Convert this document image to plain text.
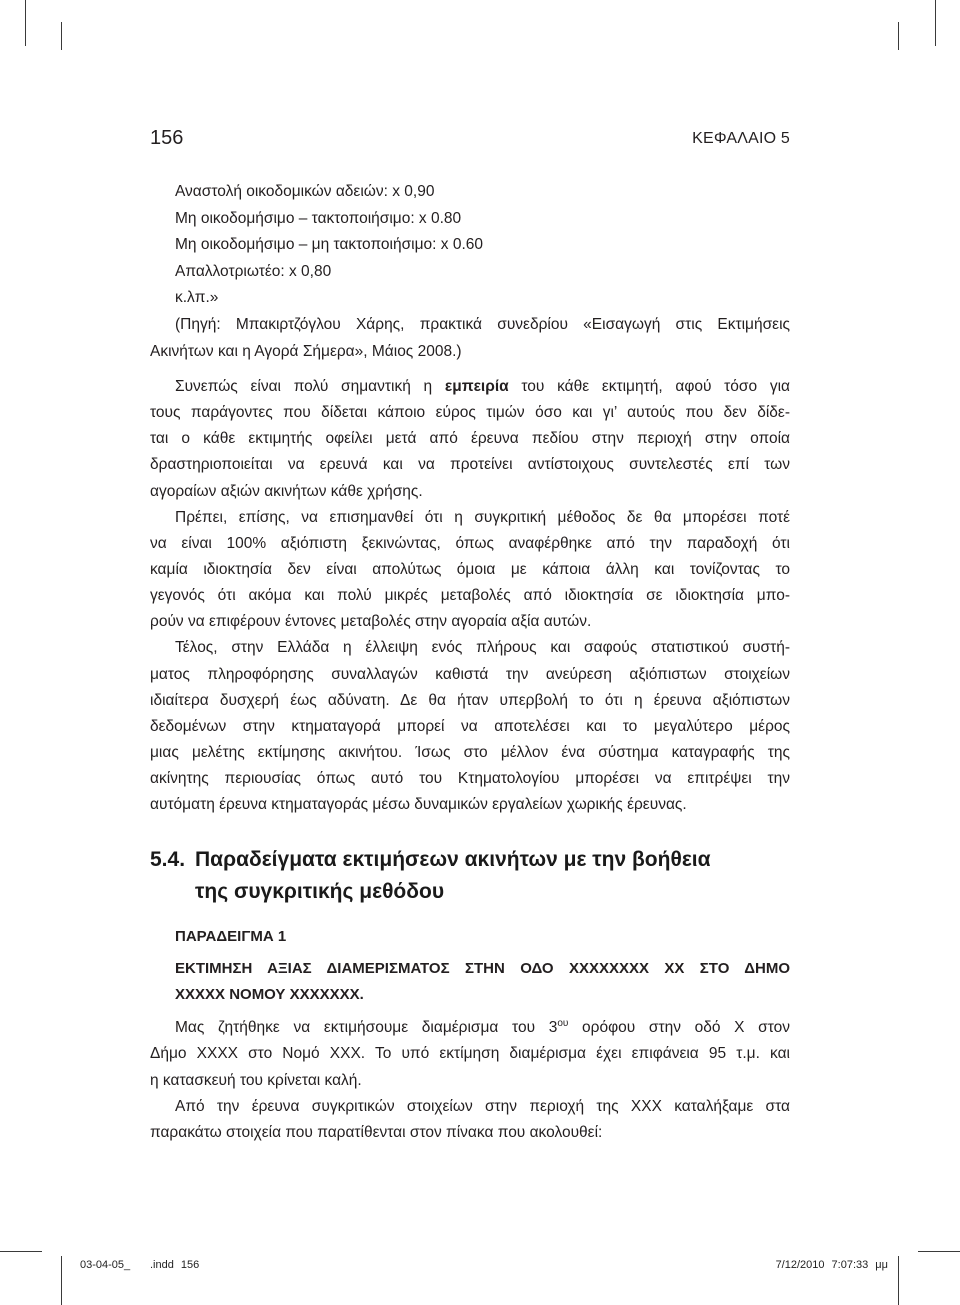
156	ΚΕΦΑΛΑΙΟ 5
Αναστολή οικοδομικών αδειών: x 0,90
Μη οικοδομήσιμο – τακτοποιήσιμο: x 0.80
Μη οικοδομήσιμο – μη τακτοποιήσιμο: x 0.60
Απαλλοτριωτέο: x 0,80
κ.λπ.»
(Πηγή: Μπακιρτζόγλου Χάρης, πρακτικά συνεδρίου «Εισαγωγή στις Εκτιμήσεις
Ακινήτων και η Αγορά Σήμερα», Μάιος 2008.)
Συνεπώς είναι πολύ σημαντική η εμπειρία του κάθε εκτιμητή, αφού τόσο για
τους παράγοντες που δίδεται κάποιο εύρος τιμών όσο και γι’ αυτούς που δεν δίδε-
ται ο κάθε εκτιμητής οφείλει μετά από έρευνα πεδίου στην περιοχή στην οποία
δραστηριοποιείται να ερευνά και να προτείνει αντίστοιχους συντελεστές επί των
αγοραίων αξιών ακινήτων κάθε χρήσης.
Πρέπει, επίσης, να επισημανθεί ότι η συγκριτική μέθοδος δε θα μπορέσει ποτέ
να είναι 100% αξιόπιστη ξεκινώντας, όπως αναφέρθηκε από την παραδοχή ότι
καμία ιδιοκτησία δεν είναι απολύτως όμοια με κάποια άλλη και τονίζοντας το
γεγονός ότι ακόμα και πολύ μικρές μεταβολές από ιδιοκτησία σε ιδιοκτησία μπο-
ρούν να επιφέρουν έντονες μεταβολές στην αγοραία αξία αυτών.
Τέλος, στην Ελλάδα η έλλειψη ενός πλήρους και σαφούς στατιστικού συστή-
ματος πληροφόρησης συναλλαγών καθιστά την ανεύρεση αξιόπιστων στοιχείων
ιδιαίτερα δυσχερή έως αδύνατη. Δε θα ήταν υπερβολή το ότι η έρευνα αξιόπιστων
δεδομένων στην κτηματαγορά μπορεί να αποτελέσει και το μεγαλύτερο μέρος
μιας μελέτης εκτίμησης ακινήτου. Ίσως στο μέλλον ένα σύστημα καταγραφής της
ακίνητης περιουσίας όπως αυτό του Κτηματολογίου μπορέσει να επιτρέψει την
αυτόματη έρευνα κτηματαγοράς μέσω δυναμικών εργαλείων χωρικής έρευνας.
5.4. Παραδείγματα εκτιμήσεων ακινήτων με την βοήθεια
της συγκριτικής μεθόδου
ΠΑΡΑΔΕΙΓΜΑ 1
ΕΚΤΙΜΗΣΗ ΑΞΙΑΣ ΔΙΑΜΕΡΙΣΜΑΤΟΣ ΣΤΗΝ ΟΔΟ ΧΧΧΧΧΧΧΧ ΧΧ ΣΤΟ ΔΗΜΟ
ΧΧΧΧΧ ΝΟΜΟΥ ΧΧΧΧΧΧΧ.
Μας ζητήθηκε να εκτιμήσουμε διαμέρισμα του $3^{o\upsilon}$ ορόφου στην οδό Χ στον
Δήμο ΧΧΧΧ στο Νομό ΧΧΧ. Το υπό εκτίμηση διαμέρισμα έχει επιφάνεια 95 τ.μ. και
η κατασκευή του κρίνεται καλή.
Από την έρευνα συγκριτικών στοιχείων στην περιοχή της ΧΧΧ καταλήξαμε στα
παρακάτω στοιχεία που παρατίθενται στον πίνακα που ακολουθεί:
03-04-05_ .indd 156	7/12/2010 7:07:33 μμ
